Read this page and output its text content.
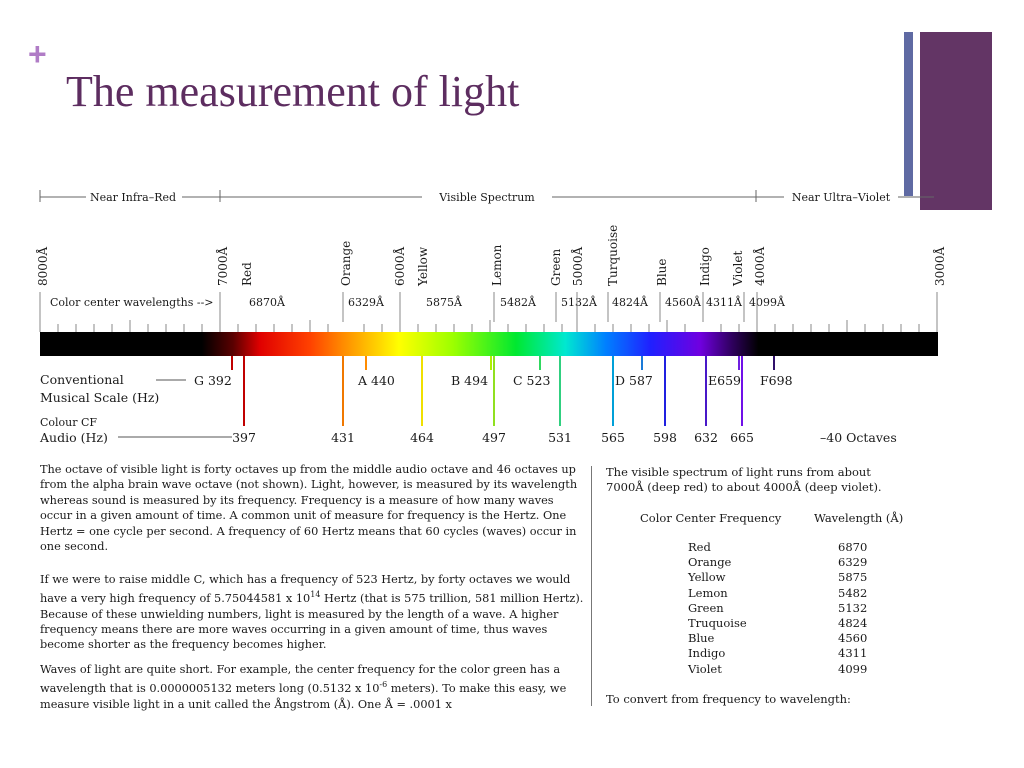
+
The measurement of light
Near Infra–Red	Visible Spectrum	Near Ultra–Violet
8000Å	7000Å Red	Orange	6000Å Yellow	Lemon	Green 5000Å Turquoise	Blue Indigo Violet 4000Å	3000Å
Color center wavelengths -->	6870Å	6329Å	5875Å	5482Å 5132Å 4824Å 4560Å 4311Å 4099Å
Conventional
Musical Scale (Hz)
G 392	A 440	B 494 C 523	D 587	E659 F698
Colour CF
Audio (Hz)	397	431	464	497	531 565 598 632 665	–40 Octaves

The octave of visible light is forty octaves up from the middle audio octave and 46 octaves up from the alpha brain wave octave (not shown). Light, however, is measured by its wavelength whereas sound is measured by its frequency. Frequency is a measure of how many waves occur in a given amount of time. A common unit of measure for frequency is the Hertz. One Hertz = one cycle per second. A frequency of 60 Hertz means that 60 cycles (waves) occur in one second.

If we were to raise middle C, which has a frequency of 523 Hertz, by forty octaves we would have a very high frequency of 5.75044581 x $10^{14}$ Hertz (that is 575 trillion, 581 million Hertz). Because of these unwielding numbers, light is measured by the length of a wave. A higher frequency means there are more waves occurring in a given amount of time, thus waves become shorter as the frequency becomes higher.

Waves of light are quite short. For example, the center frequency for the color green has a wavelength that is 0.0000005132 meters long (0.5132 x $10^{-6}$ meters). To make this easy, we measure visible light in a unit called the Ångstrom (Å). One Å = .0001 x

The visible spectrum of light runs from about 7000Å (deep red) to about 4000Å (deep violet).

Color Center Frequency	Wavelength (Å)
Red	6870
Orange	6329
Yellow	5875
Lemon	5482
Green	5132
Truquoise	4824
Blue	4560
Indigo	4311
Violet	4099
To convert from frequency to wavelength:
